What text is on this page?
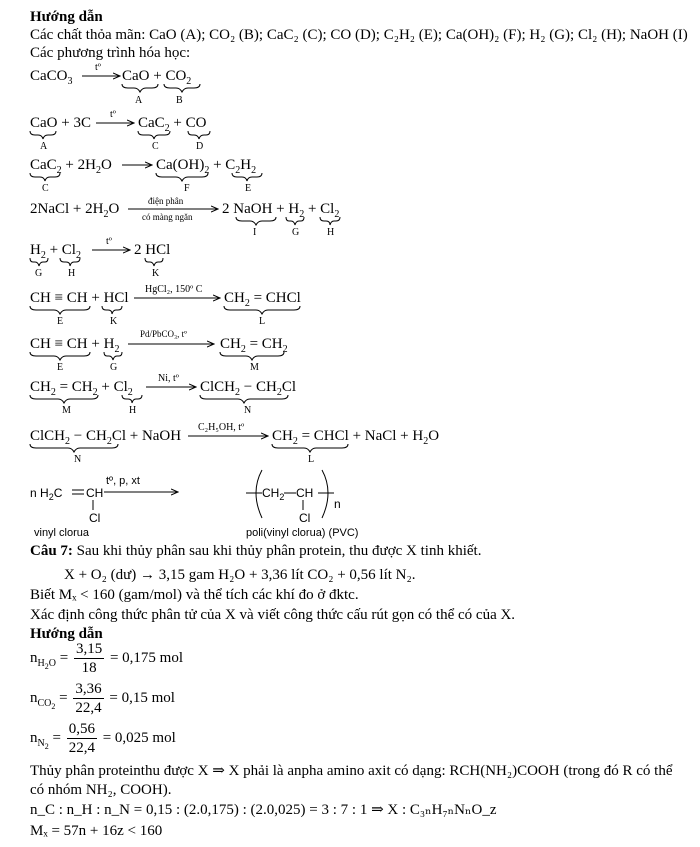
Hướng dẫn
Các chất thỏa mãn: CaO (A); CO₂ (B); CaC₂ (C); CO (D); C₂H₂ (E); Ca(OH)₂ (F); H₂ (G); Cl₂ (H); NaOH (I)
Các phương trình hóa học:
CaCO$_3$
tº
CaO + $CO_2$
A	B
CaO + 3C
tº
CaC$_2$ + CO
A	C	D
$CaC_2 + 2H_2O$	$Ca(OH)_2 + C_2H_2$
C	F	E
2NaCl + $2H_2O$	điện phân
có màng ngăn 2 NaOH + $H_2 + Cl_2$
I	G	H
$H_2 + Cl_2$
tº
2 HCl
G	H	K
CH ≡ CH + HCl
HgCl₂, 150º C
$CH_2$ = CHCl
E	K	L
CH ≡ CH + $H_2$
Pd/PbCO₃, tº
$CH_2 = CH_2$
E	G	M
$CH_2 = CH_2 + Cl_2$
Ni, tº
ClCH$_2$ − $CH_2Cl$
M	H	N
ClCH$_2$ − $CH_2Cl$ + NaOH
C₂H₅OH, tº
$CH_2$ = CHCl + NaCl + $H_2O$
N	L
n $H_2C$ CH
Cl
tº, p, xt
vinyl clorua
$CH_2$ CH
Cl
n
poli(vinyl clorua) (PVC)
Câu 7: Sau khi thủy phân sau khi thủy phân protein, thu được X tinh khiết.
X + O₂ (dư) → 3,15 gam H₂O + 3,36 lít CO₂ + 0,56 lít N₂.
Biết Mₓ < 160 (gam/mol) và thể tích các khí đo ở đktc.
Xác định công thức phân tử của X và viết công thức cấu rút gọn có thể có của X.
Hướng dẫn
$n_{H_2O} = \frac{3,15}{18} = 0,175$ mol
$n_{CO_2} = \frac{3,36}{22,4} = 0,15$ mol
$n_{N_2} = \frac{0,56}{22,4} = 0,025$ mol
Thủy phân proteinthu được X ⇒ X phải là anpha amino axit có dạng: RCH(NH₂)COOH (trong đó R có thể
có nhóm NH₂, COOH).
n_C : n_H : n_N = 0,15 : (2.0,175) : (2.0,025) = 3 : 7 : 1 ⇒ X : C₃ₙH₇ₙNₙO_z
Mₓ = 57n + 16z < 160
